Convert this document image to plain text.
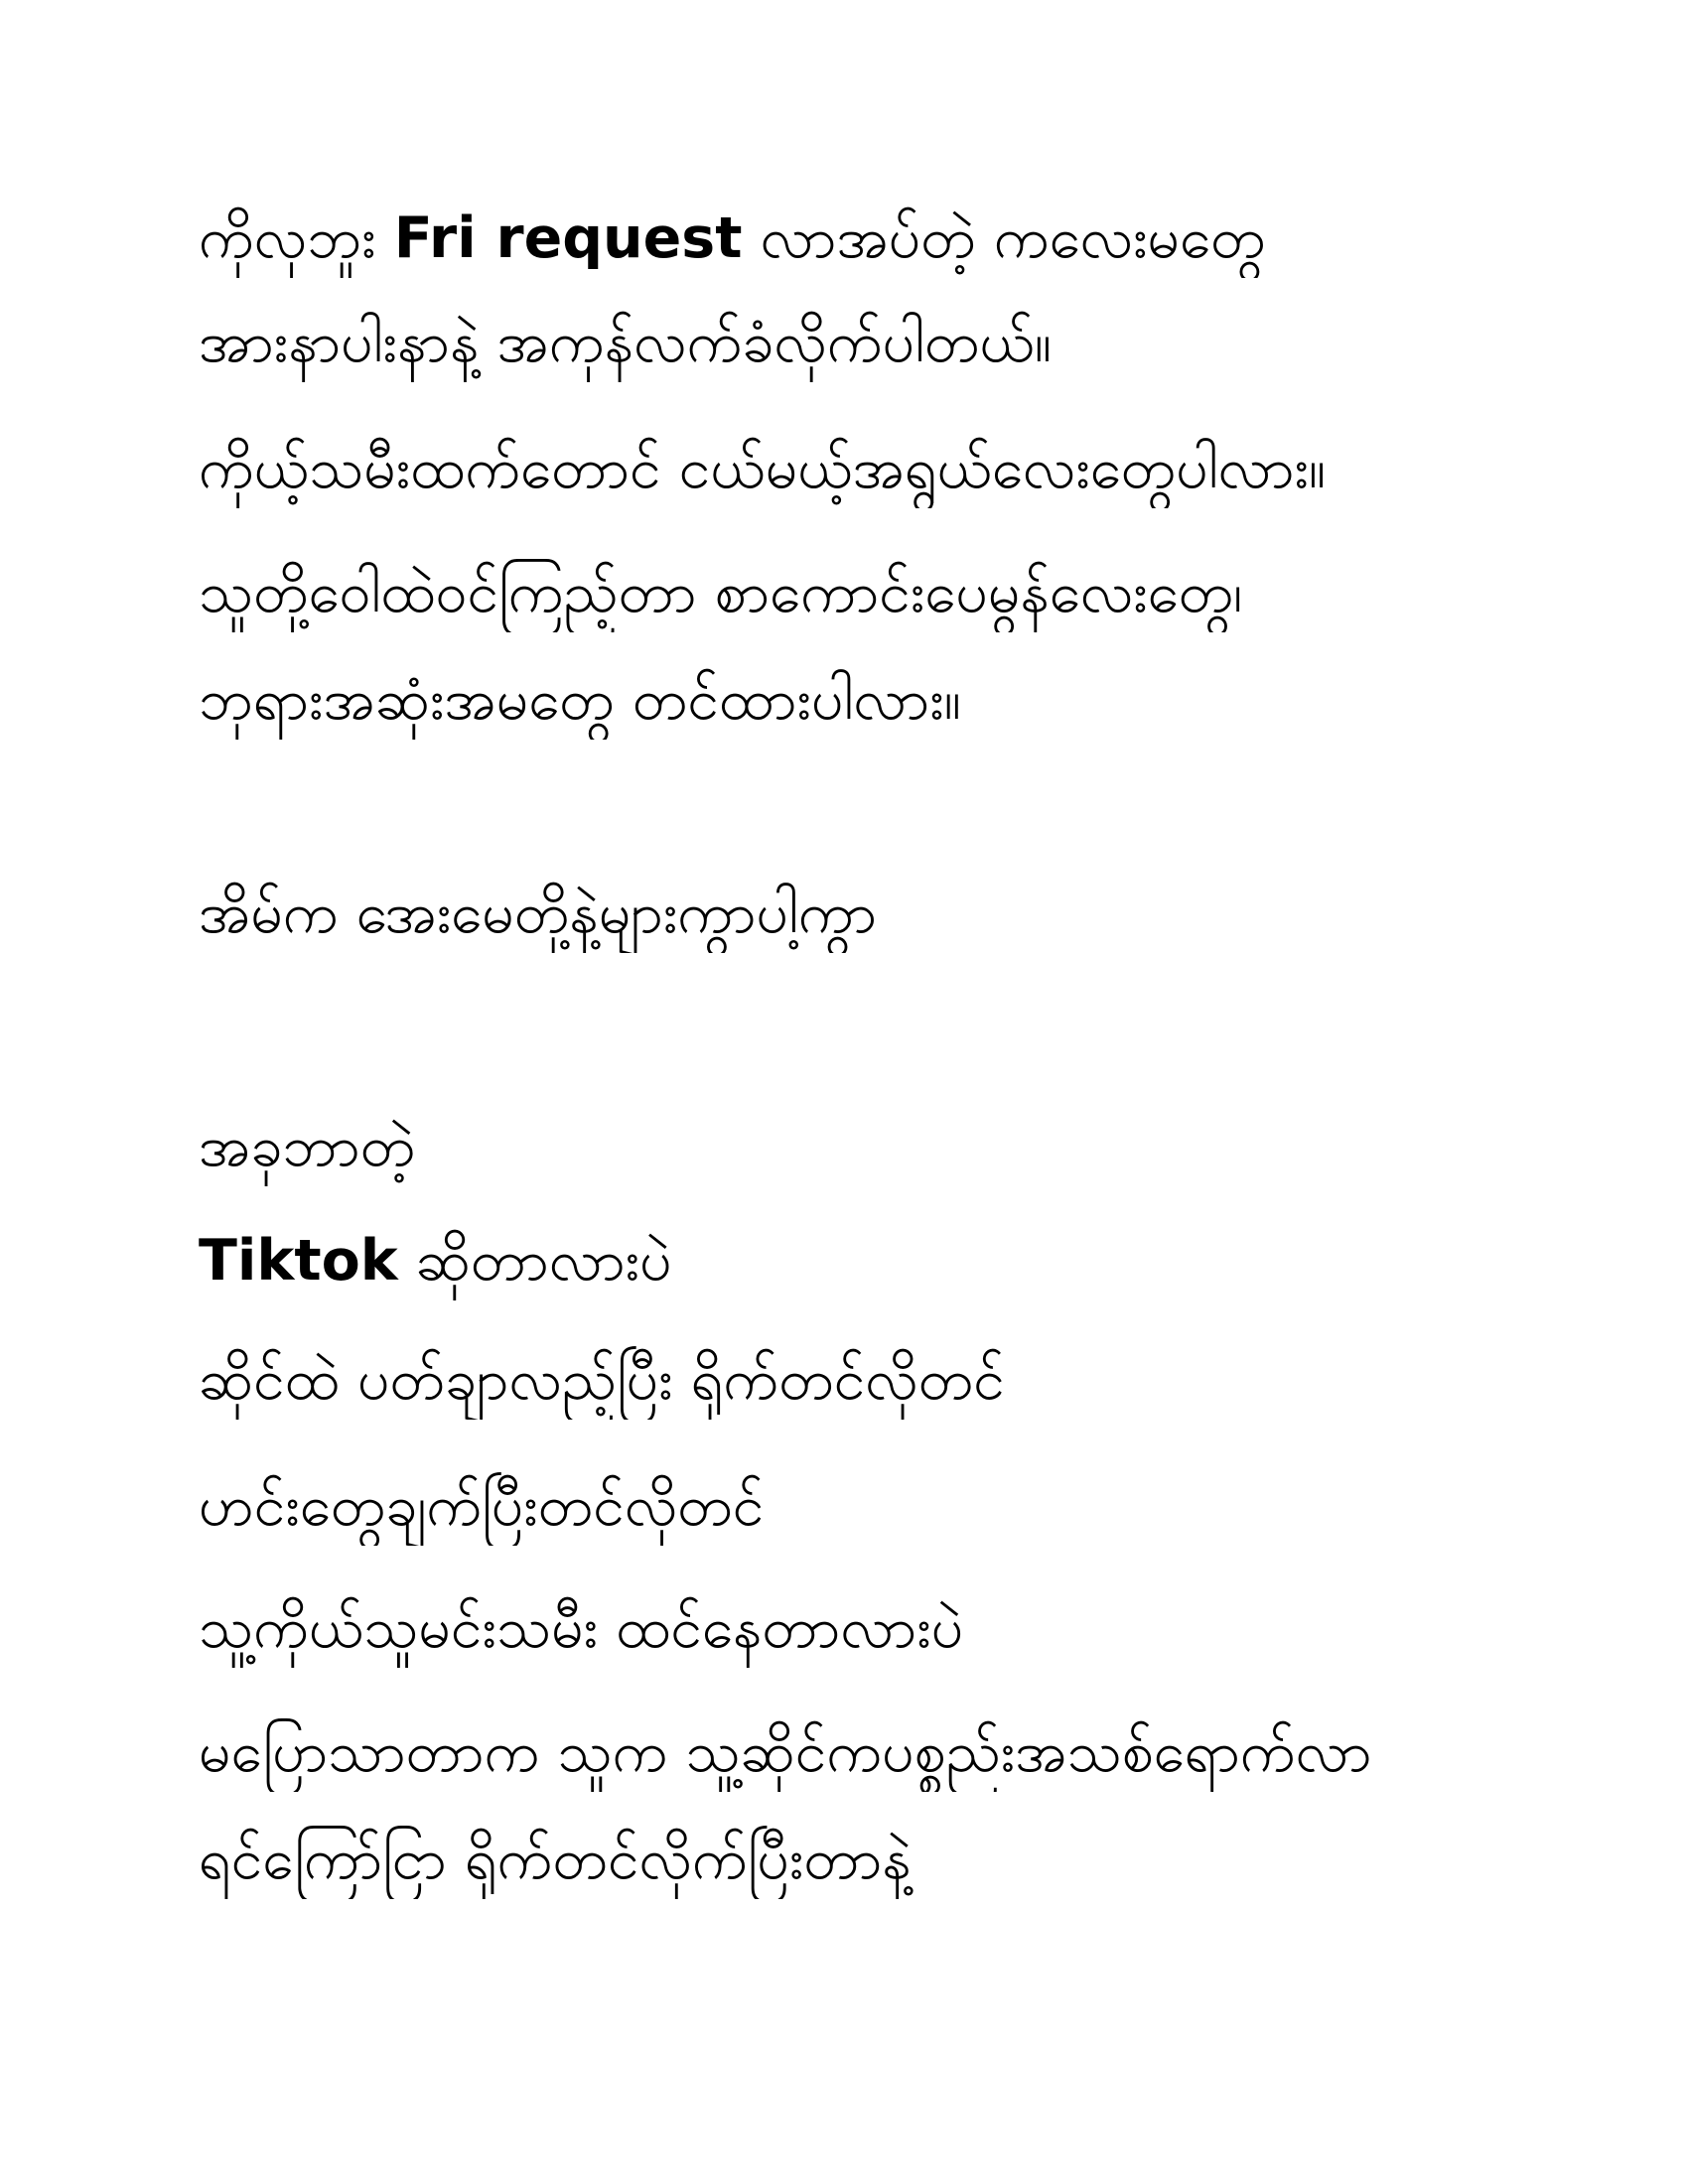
ကိုလှဘူး Fri request လာအပ်တဲ့ ကလေးမတွေ
အားနာပါးနာနဲ့ အကုန်လက်ခံလိုက်ပါတယ်။
ကိုယ့်သမီးထက်တောင် ငယ်မယ့်အရွယ်လေးတွေပါလား။
သူတို့ဝေါထဲဝင်ကြည့်တာ စာကောင်းပေမွန်လေးတွေ၊
ဘုရားအဆုံးအမတွေ တင်ထားပါလား။
အိမ်က အေးမေတို့နဲ့များကွာပါ့ကွာ
အခုဘာတဲ့
Tiktok ဆိုတာလားပဲ
ဆိုင်ထဲ ပတ်ချာလည့်ပြီး ရိုက်တင်လိုတင်
ဟင်းတွေချက်ပြီးတင်လိုတင်
သူ့ကိုယ်သူမင်းသမီး ထင်နေတာလားပဲ
မပြောသာတာက သူက သူ့ဆိုင်ကပစ္စည်းအသစ်ရောက်လာ
ရင်ကြော်ငြာ ရိုက်တင်လိုက်ပြီးတာနဲ့
